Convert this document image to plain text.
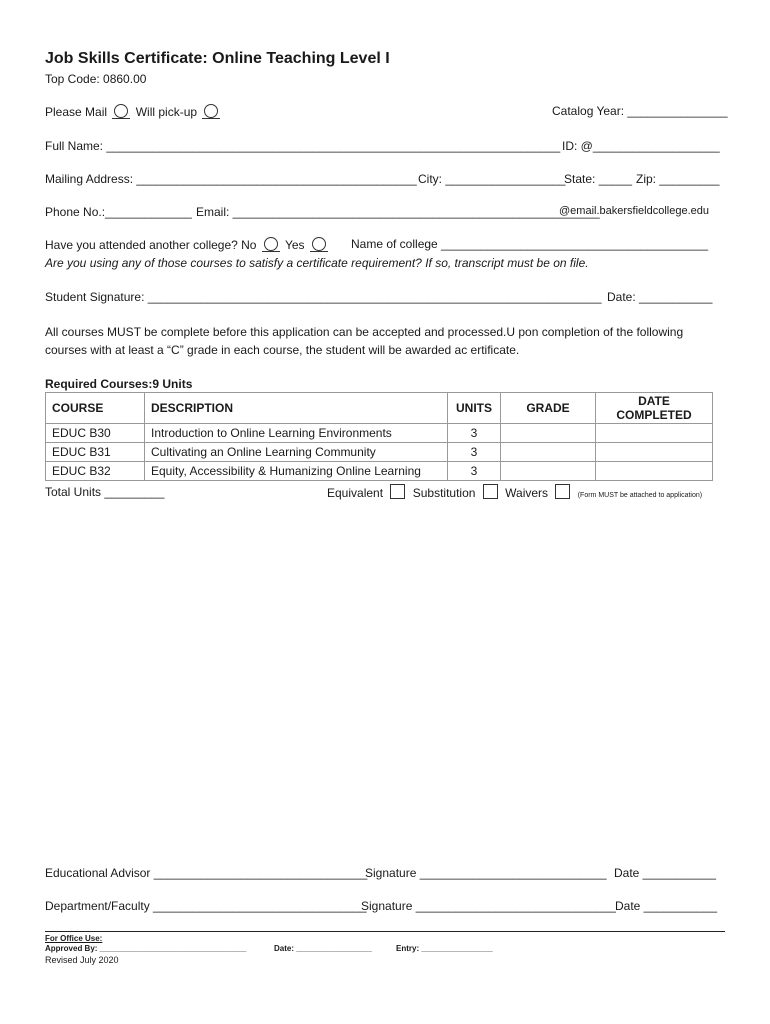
Job Skills Certificate: Online Teaching Level I
Top Code: 0860.00
Please Mail Will pick-up	Catalog Year: _______________
Full Name: ____________________________________________________________________ ID: @___________________
Mailing Address: __________________________________________ City: __________________
State: _____ Zip: _________
Phone No.:_____________ Email: _______________________________________________________
@email.bakersfieldcollege.edu
Have you attended another college? No Yes	Name of college ________________________________________
Are you using any of those courses to satisfy a certificate requirement? If so, transcript must be on file.
Student Signature: ____________________________________________________________________ Date: ___________
All courses MUST be complete before this application can be accepted and processed.U pon completion of the following
courses with at least a “C” grade in each course, the student will be awarded ac ertificate.
Required Courses:9 Units
COURSE	DESCRIPTION	UNITS	GRADE	DATE COMPLETED
EDUC B30	Introduction to Online Learning Environments	3		
EDUC B31	Cultivating an Online Learning Community	3		
EDUC B32	Equity, Accessibility & Humanizing Online Learning	3		
Total Units _________	Equivalent Substitution Waivers	(Form MUST be attached to application)
Educational Advisor ________________________________
Signature ____________________________ Date ___________
Department/Faculty ________________________________
Signature ______________________________ Date ___________
For Office Use:
Approved By: _________________________________	Date: _________________	Entry: ________________
Revised July 2020
